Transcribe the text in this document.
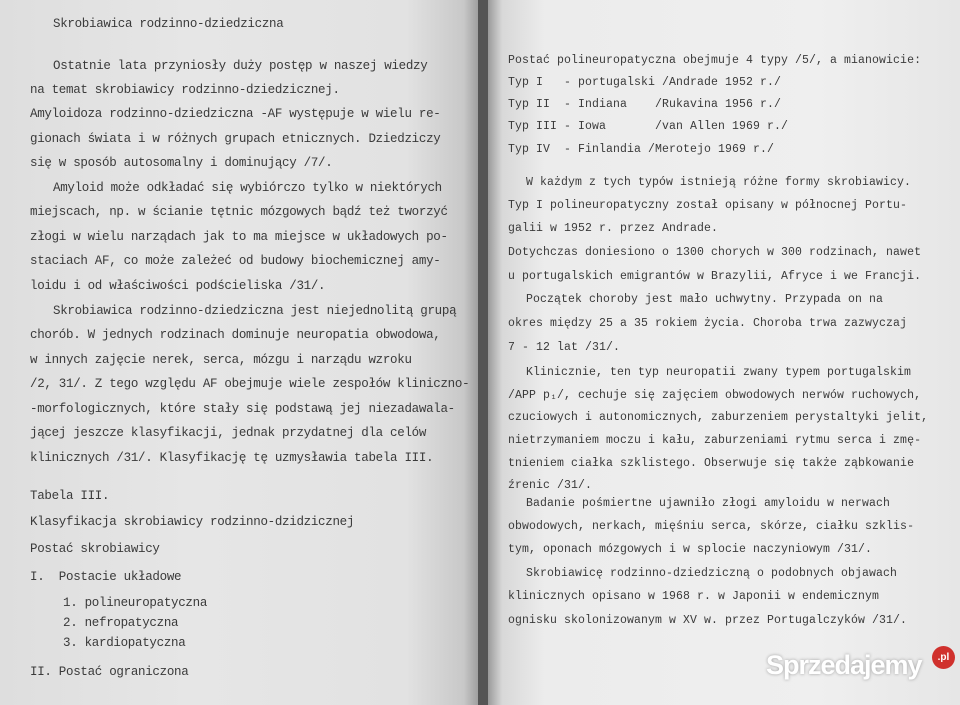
Skrobiawica rodzinno-dziedziczna
Ostatnie lata przyniosły duży postęp w naszej wiedzy
na temat skrobiawicy rodzinno-dziedzicznej.
Amyloidoza rodzinno-dziedziczna -AF występuje w wielu re-
gionach świata i w różnych grupach etnicznych. Dziedziczy
się w sposób autosomalny i dominujący /7/.
Amyloid może odkładać się wybiórczo tylko w niektórych
miejscach, np. w ścianie tętnic mózgowych bądź też tworzyć
złogi w wielu narządach jak to ma miejsce w układowych po-
staciach AF, co może zależeć od budowy biochemicznej amy-
loidu i od właściwości podścieliska /31/.
Skrobiawica rodzinno-dziedziczna jest niejednolitą grupą
chorób. W jednych rodzinach dominuje neuropatia obwodowa,
w innych zajęcie nerek, serca, mózgu i narządu wzroku
/2, 31/. Z tego względu AF obejmuje wiele zespołów kliniczno-
-morfologicznych, które stały się podstawą jej niezadawala-
jącej jeszcze klasyfikacji, jednak przydatnej dla celów
klinicznych /31/. Klasyfikację tę uzmysławia tabela III.
Tabela III.
Klasyfikacja skrobiawicy rodzinno-dzidzicznej
Postać skrobiawicy
I.  Postacie układowe
1. polineuropatyczna
2. nefropatyczna
3. kardiopatyczna
II. Postać ograniczona
Postać polineuropatyczna obejmuje 4 typy /5/, a mianowicie:
Typ I   - portugalski /Andrade 1952 r./
Typ II  - Indiana    /Rukavina 1956 r./
Typ III - Iowa       /van Allen 1969 r./
Typ IV  - Finlandia /Merotejo 1969 r./
W każdym z tych typów istnieją różne formy skrobiawicy.
Typ I polineuropatyczny został opisany w północnej Portu-
galii w 1952 r. przez Andrade.
Dotychczas doniesiono o 1300 chorych w 300 rodzinach, nawet
u portugalskich emigrantów w Brazylii, Afryce i we Francji.
Początek choroby jest mało uchwytny. Przypada on na
okres między 25 a 35 rokiem życia. Choroba trwa zazwyczaj
7 - 12 lat /31/.
Klinicznie, ten typ neuropatii zwany typem portugalskim
/APP p₁/, cechuje się zajęciem obwodowych nerwów ruchowych,
czuciowych i autonomicznych, zaburzeniem perystaltyki jelit,
nietrzymaniem moczu i kału, zaburzeniami rytmu serca i zmę-
tnieniem ciałka szklistego. Obserwuje się także ząbkowanie
źrenic /31/.
Badanie pośmiertne ujawniło złogi amyloidu w nerwach
obwodowych, nerkach, mięśniu serca, skórze, ciałku szklis-
tym, oponach mózgowych i w splocie naczyniowym /31/.
Skrobiawicę rodzinno-dziedziczną o podobnych objawach
klinicznych opisano w 1968 r. w Japonii w endemicznym
ognisku skolonizowanym w XV w. przez Portugalczyków /31/.
Sprzedajemy	.pl
